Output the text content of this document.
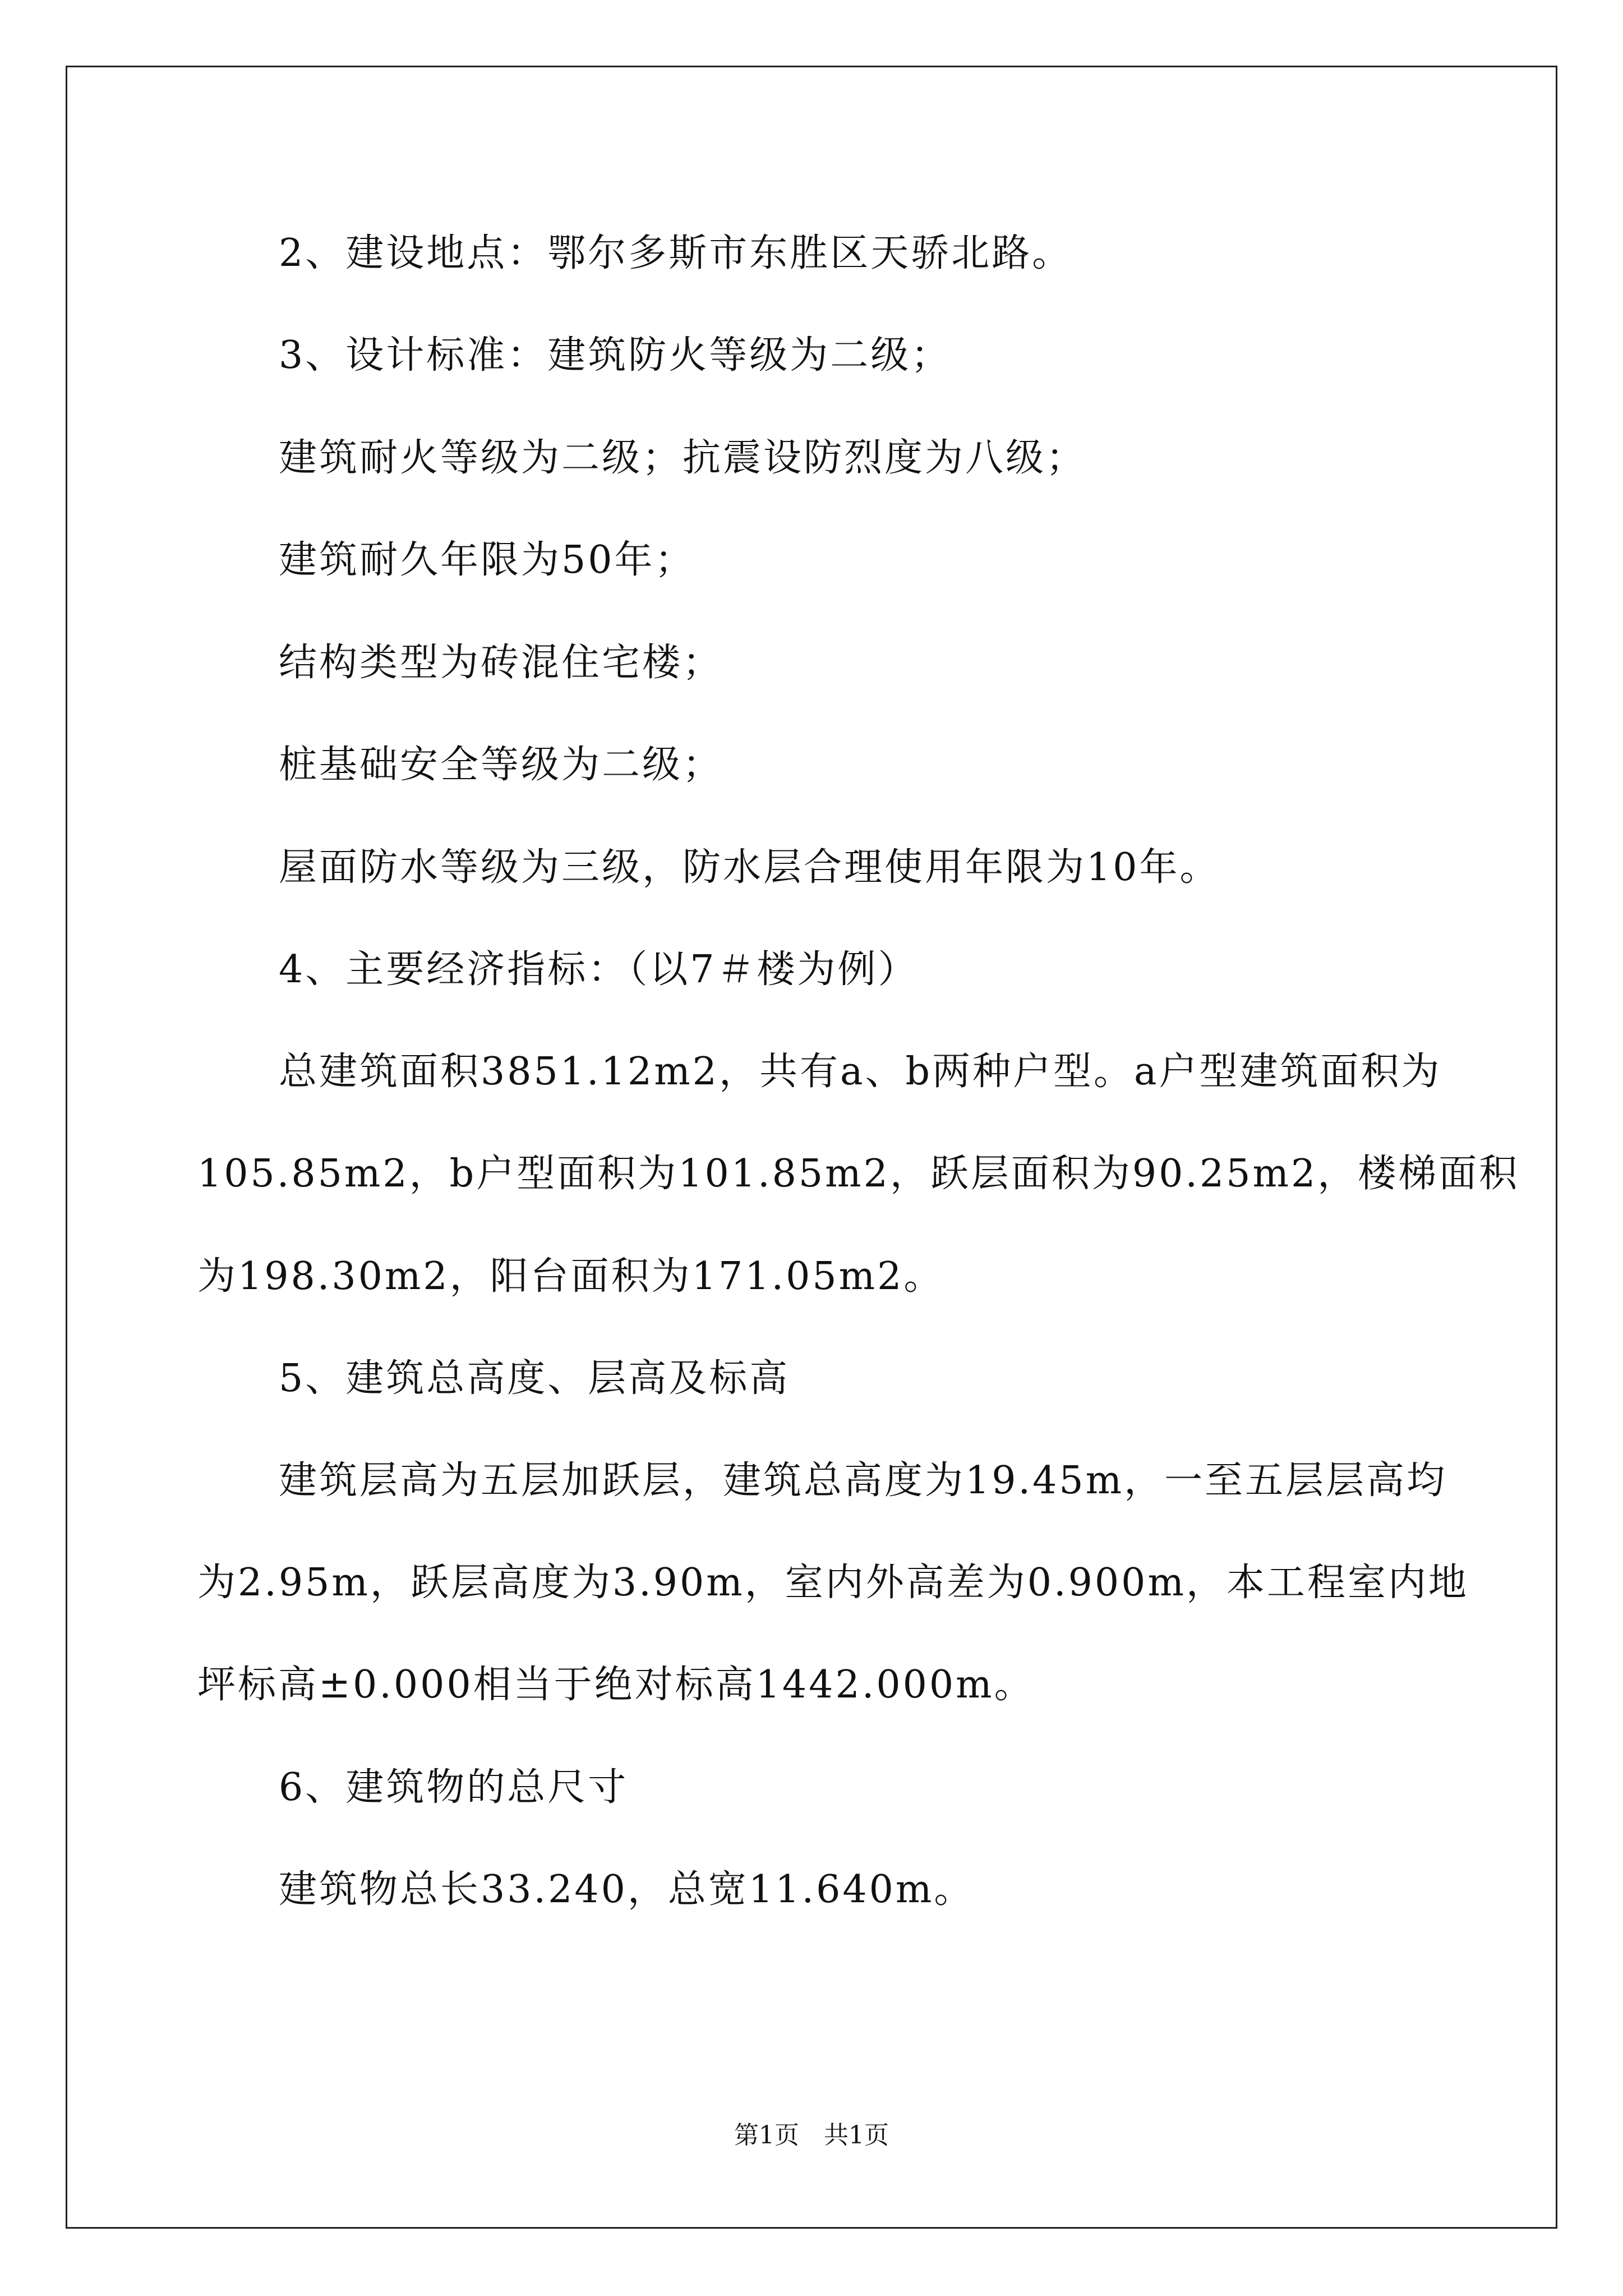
2、建设地点：鄂尔多斯市东胜区天骄北路。
3、设计标准：建筑防火等级为二级；
建筑耐火等级为二级；抗震设防烈度为八级；
建筑耐久年限为50年；
结构类型为砖混住宅楼；
桩基础安全等级为二级；
屋面防水等级为三级，防水层合理使用年限为10年。
4、主要经济指标：（以7＃楼为例）
总建筑面积3851.12m2，共有a、b两种户型。a户型建筑面积为
105.85m2，b户型面积为101.85m2，跃层面积为90.25m2，楼梯面积
为198.30m2，阳台面积为171.05m2。
5、建筑总高度、层高及标高
建筑层高为五层加跃层，建筑总高度为19.45m，一至五层层高均
为2.95m，跃层高度为3.90m，室内外高差为0.900m，本工程室内地
坪标高±0.000相当于绝对标高1442.000m。
6、建筑物的总尺寸
建筑物总长33.240，总宽11.640m。
第1页　共1页
